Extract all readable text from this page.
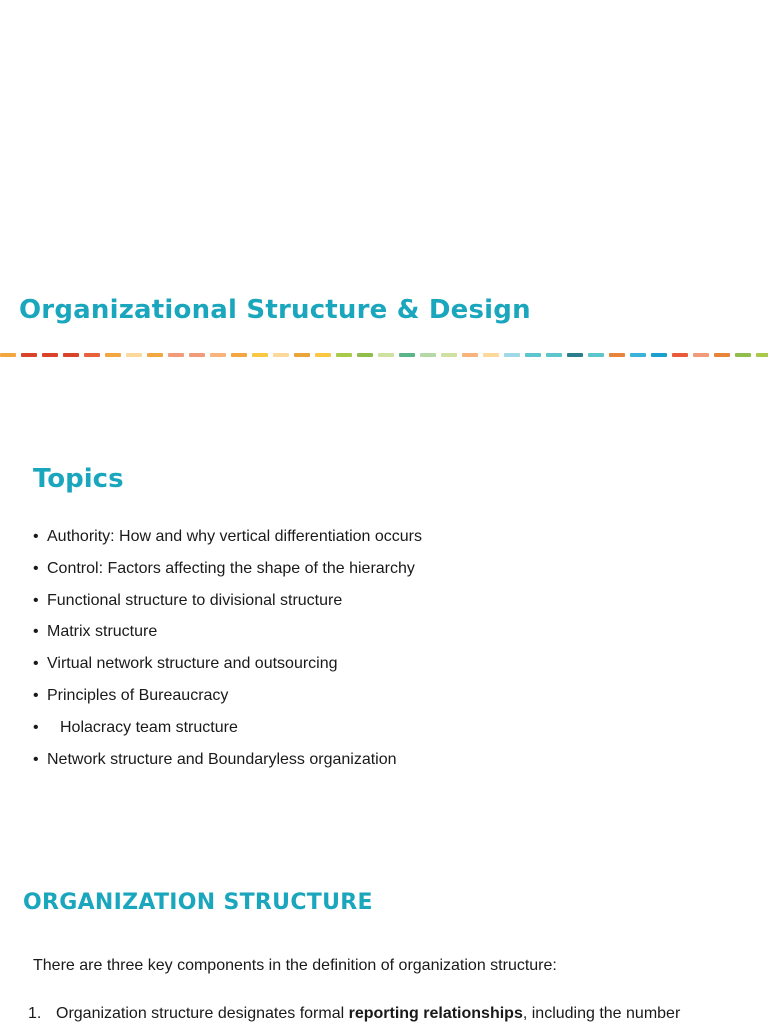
Organizational Structure & Design
Topics
• Authority: How and why vertical differentiation occurs
• Control: Factors affecting the shape of the hierarchy
• Functional structure to divisional structure
• Matrix structure
• Virtual network structure and outsourcing
• Principles of Bureaucracy
• Holacracy team structure
• Network structure and Boundaryless organization
ORGANIZATION STRUCTURE

There are three key components in the definition of organization structure:

1. Organization structure designates formal reporting relationships, including the number
